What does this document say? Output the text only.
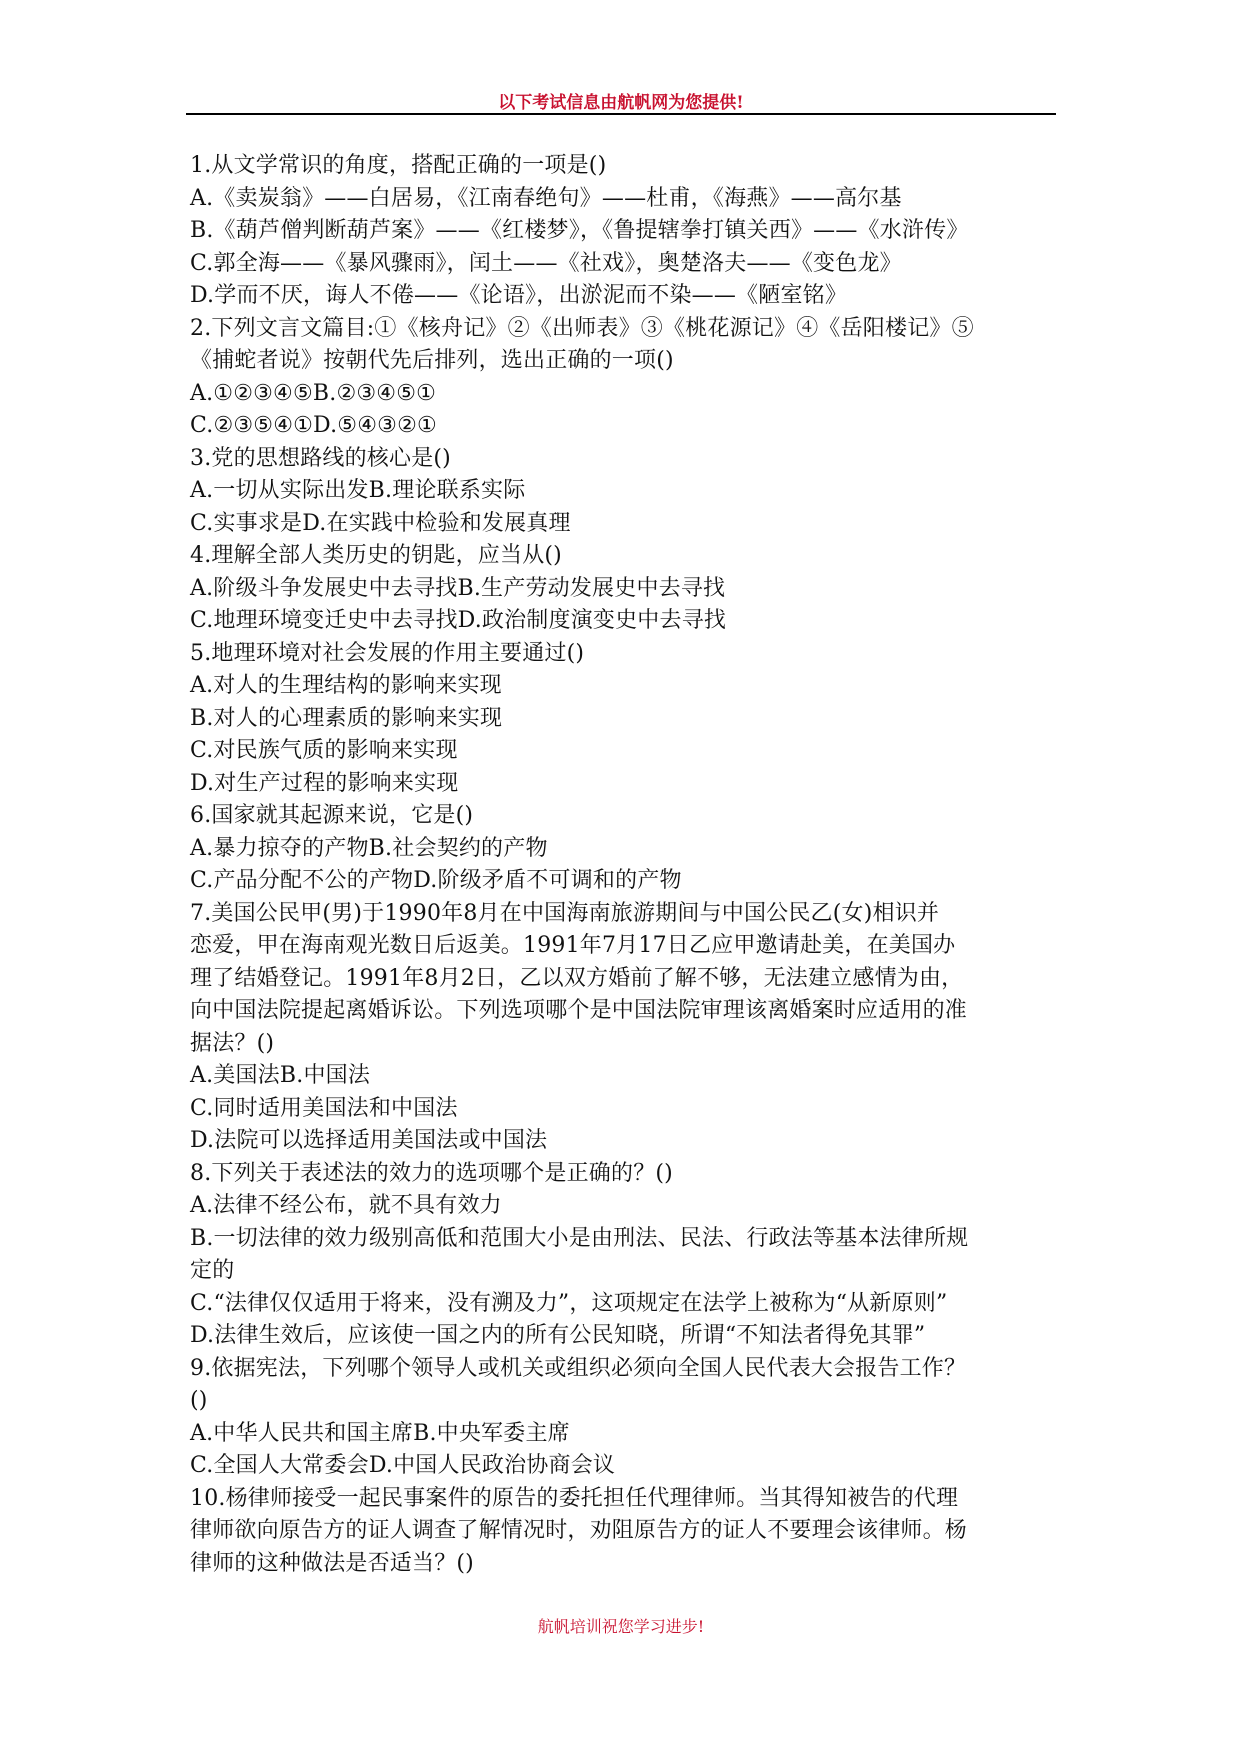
以下考试信息由航帆网为您提供!
1.从文学常识的角度，搭配正确的一项是()
A.《卖炭翁》——白居易，《江南春绝句》——杜甫，《海燕》——高尔基
B.《葫芦僧判断葫芦案》——《红楼梦》，《鲁提辖拳打镇关西》——《水浒传》
C.郭全海——《暴风骤雨》，闰土——《社戏》，奥楚洛夫——《变色龙》
D.学而不厌，诲人不倦——《论语》，出淤泥而不染——《陋室铭》
2.下列文言文篇目:①《核舟记》②《出师表》③《桃花源记》④《岳阳楼记》⑤
《捕蛇者说》按朝代先后排列，选出正确的一项()
A.①②③④⑤B.②③④⑤①
C.②③⑤④①D.⑤④③②①
3.党的思想路线的核心是()
A.一切从实际出发B.理论联系实际
C.实事求是D.在实践中检验和发展真理
4.理解全部人类历史的钥匙，应当从()
A.阶级斗争发展史中去寻找B.生产劳动发展史中去寻找
C.地理环境变迁史中去寻找D.政治制度演变史中去寻找
5.地理环境对社会发展的作用主要通过()
A.对人的生理结构的影响来实现
B.对人的心理素质的影响来实现
C.对民族气质的影响来实现
D.对生产过程的影响来实现
6.国家就其起源来说，它是()
A.暴力掠夺的产物B.社会契约的产物
C.产品分配不公的产物D.阶级矛盾不可调和的产物
7.美国公民甲(男)于1990年8月在中国海南旅游期间与中国公民乙(女)相识并
恋爱，甲在海南观光数日后返美。1991年7月17日乙应甲邀请赴美，在美国办
理了结婚登记。1991年8月2日，乙以双方婚前了解不够，无法建立感情为由，
向中国法院提起离婚诉讼。下列选项哪个是中国法院审理该离婚案时应适用的准
据法？()
A.美国法B.中国法
C.同时适用美国法和中国法
D.法院可以选择适用美国法或中国法
8.下列关于表述法的效力的选项哪个是正确的？()
A.法律不经公布，就不具有效力
B.一切法律的效力级别高低和范围大小是由刑法、民法、行政法等基本法律所规
定的
C.“法律仅仅适用于将来，没有溯及力”，这项规定在法学上被称为“从新原则”
D.法律生效后，应该使一国之内的所有公民知晓，所谓“不知法者得免其罪”
9.依据宪法，下列哪个领导人或机关或组织必须向全国人民代表大会报告工作？
()
A.中华人民共和国主席B.中央军委主席
C.全国人大常委会D.中国人民政治协商会议
10.杨律师接受一起民事案件的原告的委托担任代理律师。当其得知被告的代理
律师欲向原告方的证人调查了解情况时，劝阻原告方的证人不要理会该律师。杨
律师的这种做法是否适当？()
航帆培训祝您学习进步!
